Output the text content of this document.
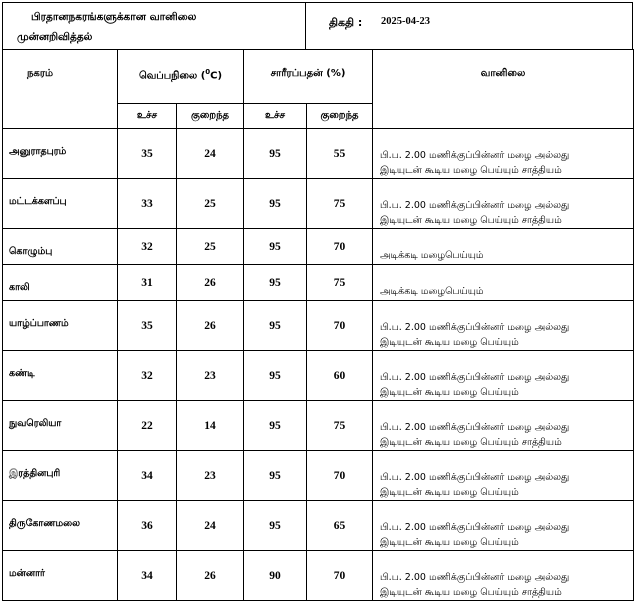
பிரதானநகரங்களுக்கான வானிலை
முன்னறிவித்தல்
திகதி : 2025-04-23
நகரம்	வெப்பநிலை ($^0$C)		சாரீரப்பதன் (%)		வானிலை
	உச்ச	குறைந்த	உச்ச	குறைந்த	
அனுராதபுரம்	35	24	95	55	பி.ப. 2.00 மணிக்குப்பின்னர் மழை அல்லது
இடியுடன் கூடிய மழை பெய்யும் சாத்தியம்

மட்டக்களப்பு	33	25	95	75	பி.ப. 2.00 மணிக்குப்பின்னர் மழை அல்லது
இடியுடன் கூடிய மழை பெய்யும் சாத்தியம்

கொழும்பு	32	25	95	70	அடிக்கடி மழைபெய்யும்

காலி	31	26	95	75	அடிக்கடி மழைபெய்யும்

யாழ்ப்பாணம்	35	26	95	70	பி.ப. 2.00 மணிக்குப்பின்னர் மழை அல்லது
இடியுடன் கூடிய மழை பெய்யும்

கண்டி	32	23	95	60	பி.ப. 2.00 மணிக்குப்பின்னர் மழை அல்லது
இடியுடன் கூடிய மழை பெய்யும்

நுவரெலியா	22	14	95	75	பி.ப. 2.00 மணிக்குப்பின்னர் மழை அல்லது
இடியுடன் கூடிய மழை பெய்யும் சாத்தியம்

இரத்தினபுரி	34	23	95	70	பி.ப. 2.00 மணிக்குப்பின்னர் மழை அல்லது
இடியுடன் கூடிய மழை பெய்யும்

திருகோணமலை	36	24	95	65	பி.ப. 2.00 மணிக்குப்பின்னர் மழை அல்லது
இடியுடன் கூடிய மழை பெய்யும்

மன்னார்	34	26	90	70	பி.ப. 2.00 மணிக்குப்பின்னர் மழை அல்லது
இடியுடன் கூடிய மழை பெய்யும் சாத்தியம்
